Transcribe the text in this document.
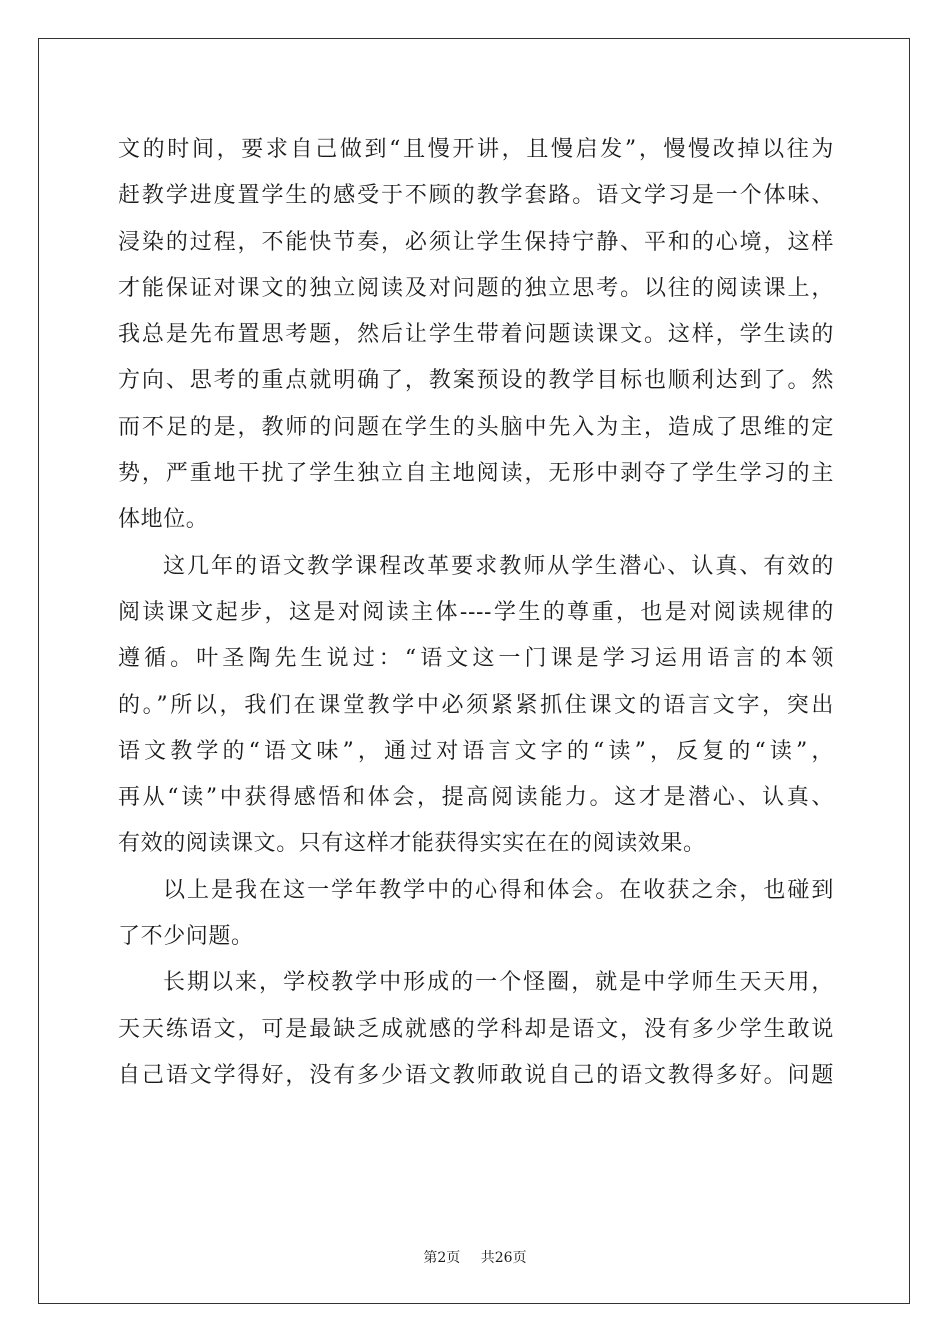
文的时间，要求自己做到“且慢开讲，且慢启发”，慢慢改掉以往为
赶教学进度置学生的感受于不顾的教学套路。语文学习是一个体味、
浸染的过程，不能快节奏，必须让学生保持宁静、平和的心境，这样
才能保证对课文的独立阅读及对问题的独立思考。以往的阅读课上，
我总是先布置思考题，然后让学生带着问题读课文。这样，学生读的
方向、思考的重点就明确了，教案预设的教学目标也顺利达到了。然
而不足的是，教师的问题在学生的头脑中先入为主，造成了思维的定
势，严重地干扰了学生独立自主地阅读，无形中剥夺了学生学习的主
体地位。
这几年的语文教学课程改革要求教师从学生潜心、认真、有效的
阅读课文起步，这是对阅读主体----学生的尊重，也是对阅读规律的
遵循。叶圣陶先生说过：“语文这一门课是学习运用语言的本领
的。”所以，我们在课堂教学中必须紧紧抓住课文的语言文字，突出
语文教学的“语文味”，通过对语言文字的“读”，反复的“读”，
再从“读”中获得感悟和体会，提高阅读能力。这才是潜心、认真、
有效的阅读课文。只有这样才能获得实实在在的阅读效果。
以上是我在这一学年教学中的心得和体会。在收获之余，也碰到
了不少问题。
长期以来，学校教学中形成的一个怪圈，就是中学师生天天用，
天天练语文，可是最缺乏成就感的学科却是语文，没有多少学生敢说
自己语文学得好，没有多少语文教师敢说自己的语文教得多好。问题
第2页 共26页
